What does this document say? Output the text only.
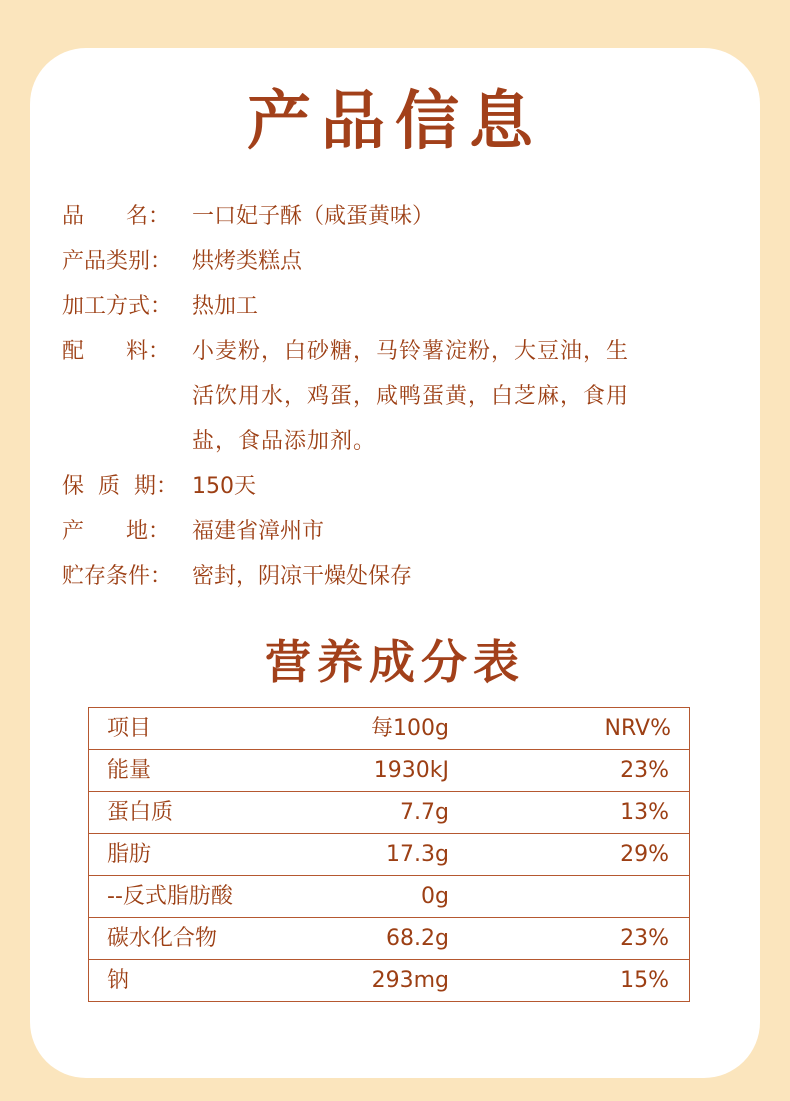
产品信息
品      名：	一口妃子酥（咸蛋黄味）
产品类别： 烘烤类糕点
加工方式： 热加工
配      料：	小麦粉，白砂糖，马铃薯淀粉，大豆油，生
活饮用水，鸡蛋，咸鸭蛋黄，白芝麻，食用
盐，食品添加剂。
保  质  期： 150天
产      地：	福建省漳州市
贮存条件： 密封，阴凉干燥处保存
营养成分表
项目	每100g	NRV%
能量	1930kJ	23%
蛋白质	7.7g	13%
脂肪	17.3g	29%
--反式脂肪酸	0g
碳水化合物	68.2g	23%
钠	293mg	15%
